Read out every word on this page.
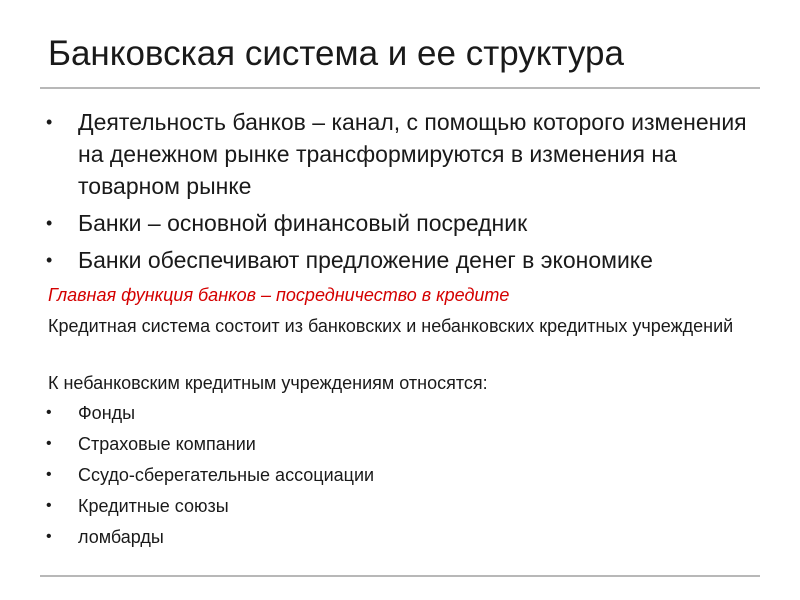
Банковская система и ее структура
• Деятельность банков – канал, с помощью которого изменения на денежном рынке трансформируются в изменения на товарном рынке
• Банки – основной финансовый посредник
• Банки обеспечивают предложение денег в экономике
Главная функция банков – посредничество в кредите
Кредитная система состоит из банковских и небанковских кредитных учреждений
К небанковским кредитным учреждениям относятся:
• Фонды
• Страховые компании
• Ссудо-сберегательные ассоциации
• Кредитные союзы
• ломбарды
